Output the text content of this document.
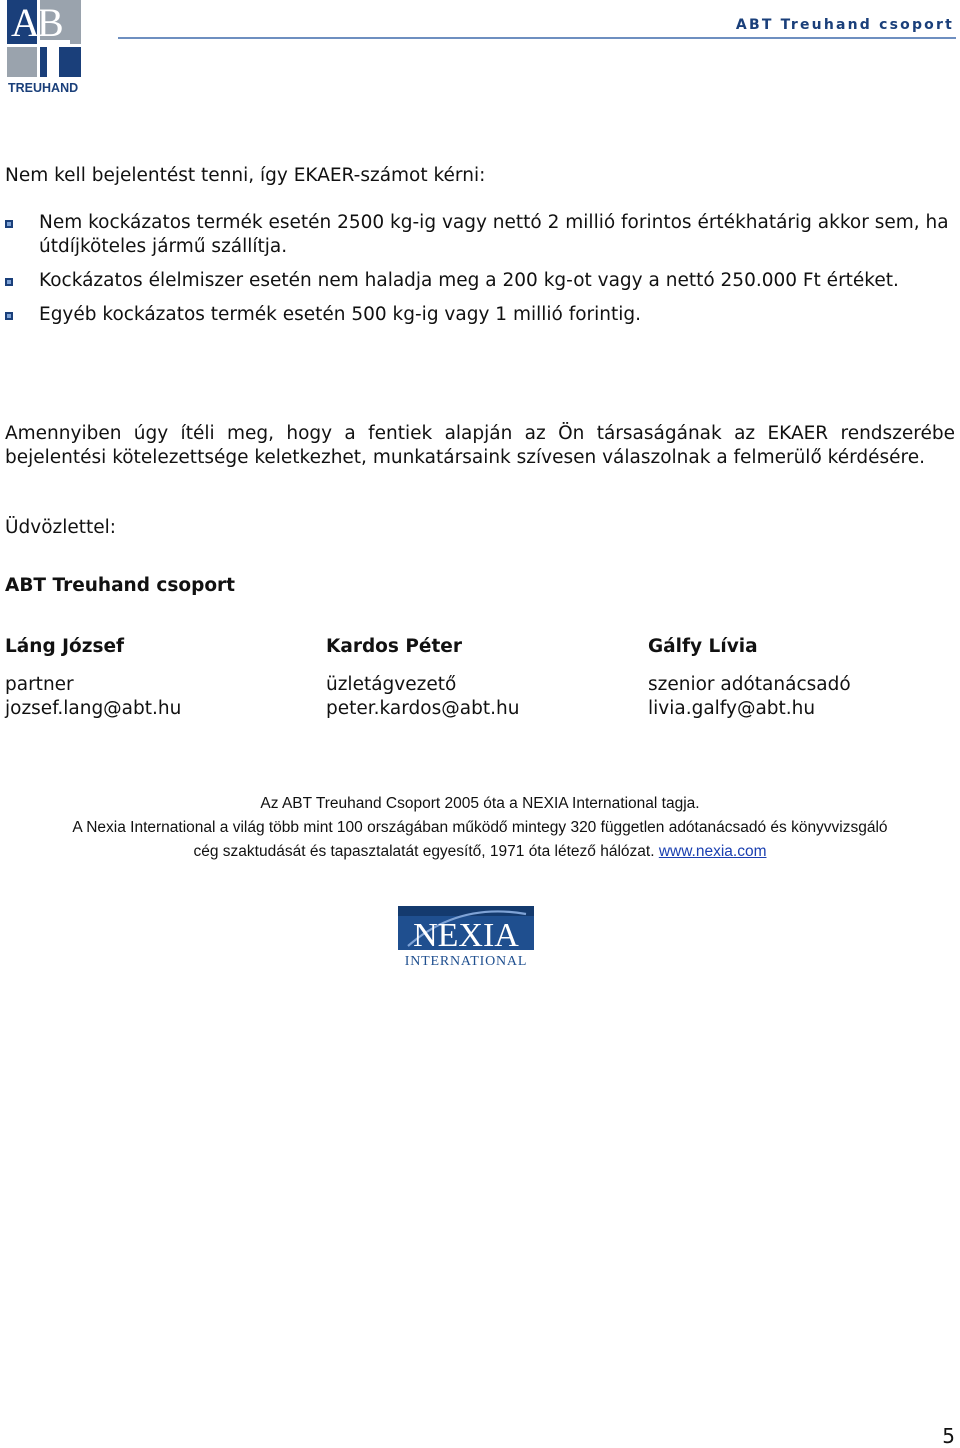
A
B
TREUHAND
ABT Treuhand csoport
Nem kell bejelentést tenni, így EKAER-számot kérni:
Nem kockázatos termék esetén 2500 kg-ig vagy nettó 2 millió forintos értékhatárig akkor sem, ha útdíjköteles jármű szállítja.
Kockázatos élelmiszer esetén nem haladja meg a 200 kg-ot vagy a nettó 250.000 Ft értéket.
Egyéb kockázatos termék esetén 500 kg-ig vagy 1 millió forintig.
Amennyiben úgy ítéli meg, hogy a fentiek alapján az Ön társaságának az EKAER rendszerébe bejelentési kötelezettsége keletkezhet, munkatársaink szívesen válaszolnak a felmerülő kérdésére.
Üdvözlettel:
ABT Treuhand csoport
Láng József
partner
jozsef.lang@abt.hu
Kardos Péter
üzletágvezető
peter.kardos@abt.hu
Gálfy Lívia
szenior adótanácsadó
livia.galfy@abt.hu
Az ABT Treuhand Csoport 2005 óta a NEXIA International tagja.
A Nexia International a világ több mint 100 országában működő mintegy 320 független adótanácsadó és könyvvizsgáló
cég szaktudását és tapasztalatát egyesítő, 1971 óta létező hálózat. www.nexia.com
NEXIA
INTERNATIONAL
5
